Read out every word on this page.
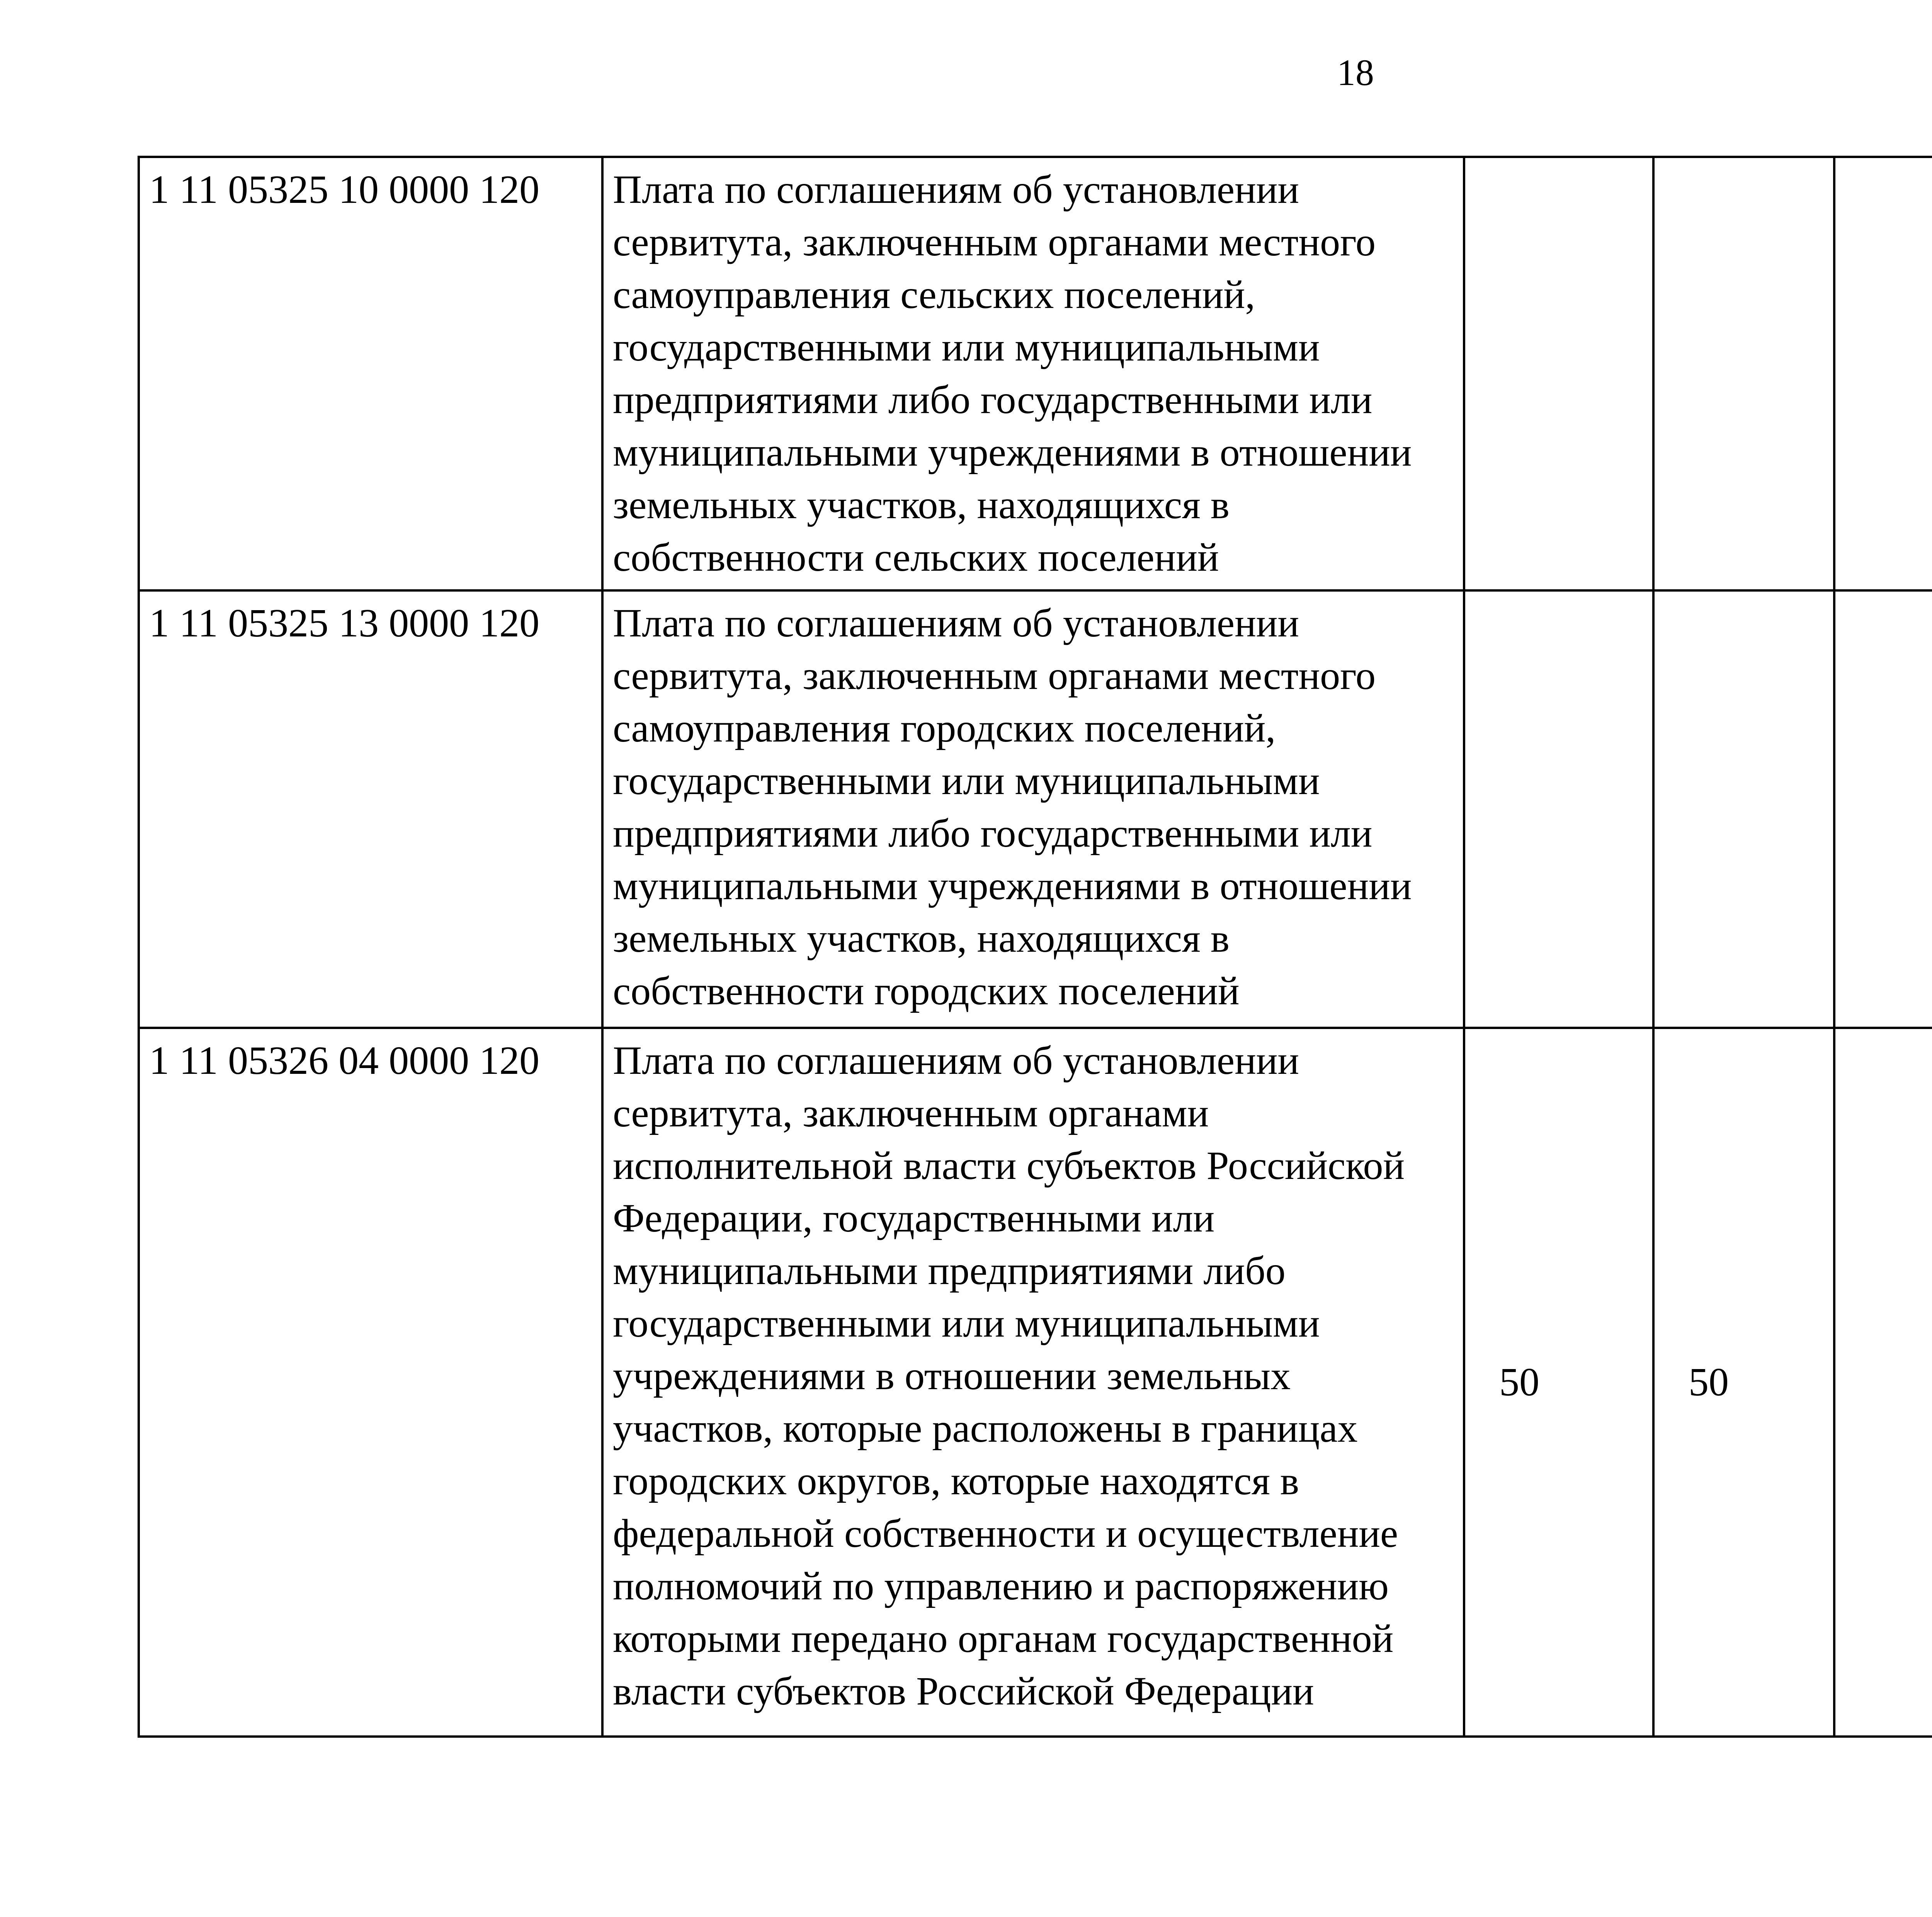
18
1 11 05325 10 0000 120	Плата по соглашениям об установлении сервитута, заключенным органами местного самоуправления сельских поселений, государственными или муниципальными предприятиями либо государственными или муниципальными учреждениями в отношении земельных участков, находящихся в собственности сельских поселений					
1 11 05325 13 0000 120	Плата по соглашениям об установлении сервитута, заключенным органами местного самоуправления городских поселений, государственными или муниципальными предприятиями либо государственными или муниципальными учреждениями в отношении земельных участков, находящихся в собственности городских поселений					
1 11 05326 04 0000 120	Плата по соглашениям об установлении сервитута, заключенным органами исполнительной власти субъектов Российской Федерации, государственными или муниципальными предприятиями либо государственными или муниципальными учреждениями в отношении земельных участков, которые расположены в границах городских округов, которые находятся в федеральной собственности и осуществление полномочий по управлению и распоряжению которыми передано органам государственной власти субъектов Российской Федерации	50	50			
